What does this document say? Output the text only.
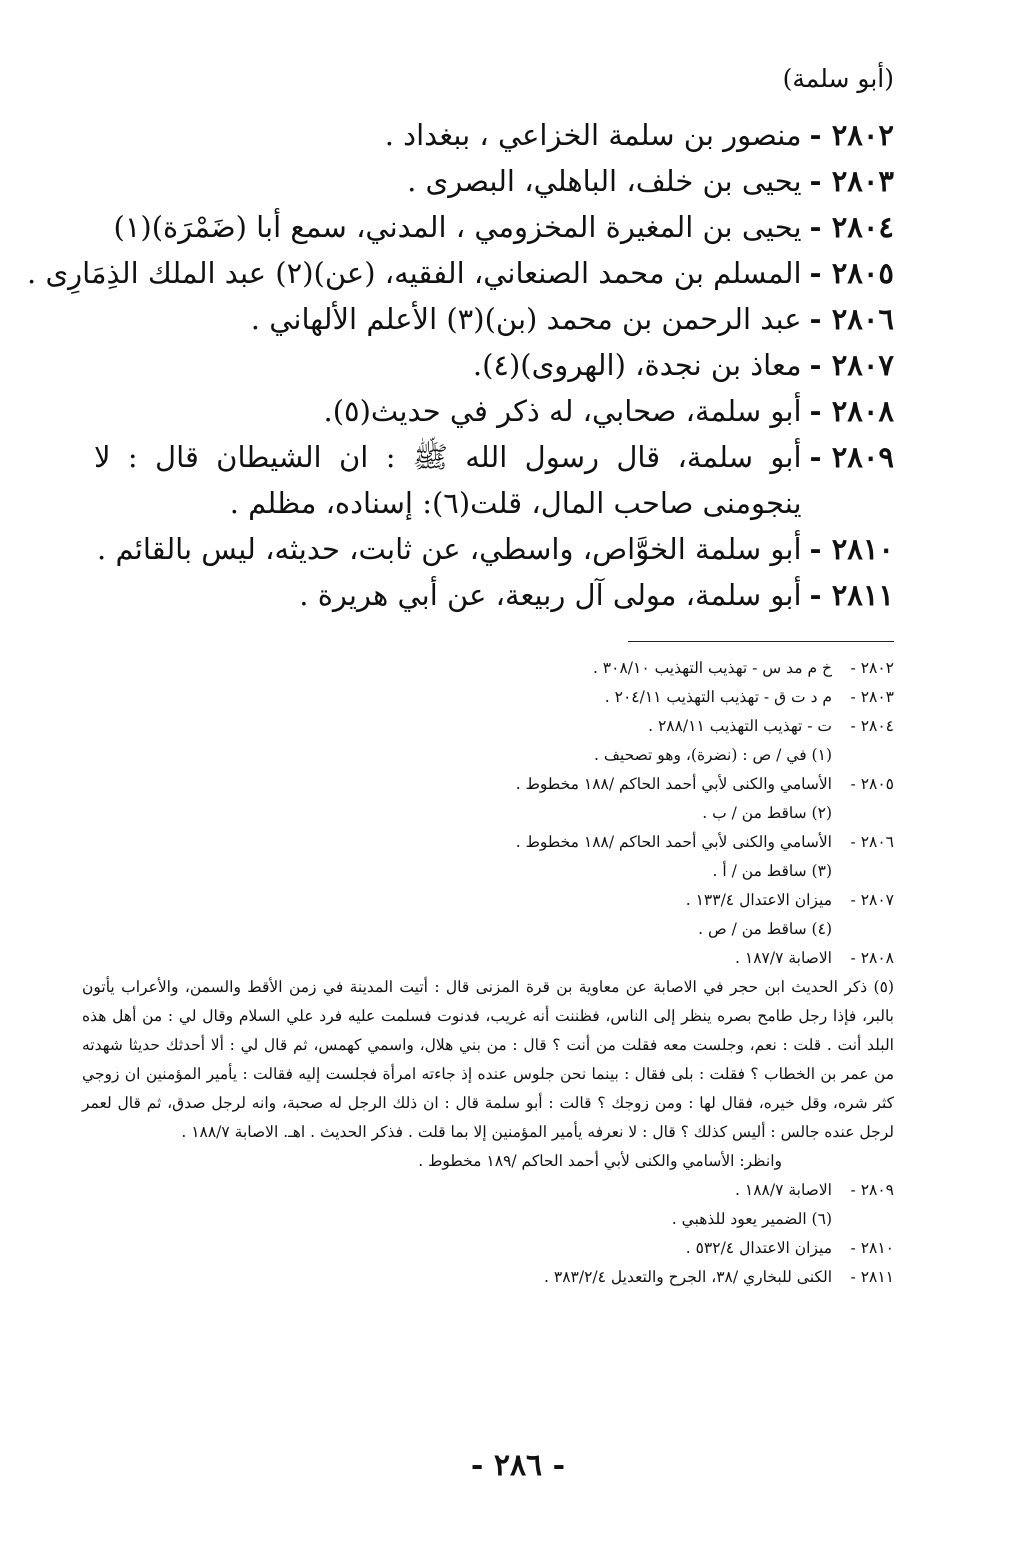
(أبو سلمة)
٢٨٠٢ -
منصور بن سلمة الخزاعي ، ببغداد .
٢٨٠٣ -
يحيى بن خلف، الباهلي، البصرى .
٢٨٠٤ -
يحيى بن المغيرة المخزومي ، المدني، سمع أبا (ضَمْرَة)(١)
٢٨٠٥ -
المسلم بن محمد الصنعاني، الفقيه، (عن)(٢) عبد الملك الذِمَارِى .
٢٨٠٦ -
عبد الرحمن بن محمد (بن)(٣) الأعلم الألهاني .
٢٨٠٧ -
معاذ بن نجدة، (الهروى)(٤).
٢٨٠٨ -
أبو سلمة، صحابي، له ذكر في حديث(٥).
٢٨٠٩ -
أبو سلمة، قال رسول الله ﷺ : ان الشيطان قال : لا ينجومنى صاحب المال، قلت(٦): إسناده، مظلم .
٢٨١٠ -
أبو سلمة الخوَّاص، واسطي، عن ثابت، حديثه، ليس بالقائم .
٢٨١١ -
أبو سلمة، مولى آل ربيعة، عن أبي هريرة .
٢٨٠٢ -
خ م مد س - تهذيب التهذيب ٣٠٨/١٠ .
٢٨٠٣ -
م د ت ق - تهذيب التهذيب ٢٠٤/١١ .
٢٨٠٤ -
ت - تهذيب التهذيب ٢٨٨/١١ .
(١) في / ص : (نضرة)، وهو تصحيف .
٢٨٠٥ -
الأسامي والكنى لأبي أحمد الحاكم /١٨٨ مخطوط .
(٢) ساقط من / ب .
٢٨٠٦ -
الأسامي والكنى لأبي أحمد الحاكم /١٨٨ مخطوط .
(٣) ساقط من / أ .
٢٨٠٧ -
ميزان الاعتدال ١٣٣/٤ .
(٤) ساقط من / ص .
٢٨٠٨ -
الاصابة ١٨٧/٧ .
(٥) ذكر الحديث ابن حجر في الاصابة عن معاوية بن قرة المزنى قال : أتيت المدينة في زمن الأقط والسمن، والأعراب يأتون بالبر، فإذا رجل طامح بصره ينظر إلى الناس، فظننت أنه غريب، فدنوت فسلمت عليه فرد علي السلام وقال لي : من أهل هذه البلد أنت . قلت : نعم، وجلست معه فقلت من أنت ؟ قال : من بني هلال، واسمي كهمس، ثم قال لي : ألا أحدثك حديثا شهدته من عمر بن الخطاب ؟ فقلت : بلى فقال : بينما نحن جلوس عنده إذ جاءته امرأة فجلست إليه فقالت : يأمير المؤمنين ان زوجي كثر شره، وقل خيره، فقال لها : ومن زوجك ؟ قالت : أبو سلمة قال : ان ذلك الرجل له صحبة، وانه لرجل صدق، ثم قال لعمر لرجل عنده جالس : أليس كذلك ؟ قال : لا نعرفه يأمير المؤمنين إلا بما قلت . فذكر الحديث . اهـ. الاصابة ١٨٨/٧ .
وانظر: الأسامي والكنى لأبي أحمد الحاكم /١٨٩ مخطوط .
٢٨٠٩ -
الاصابة ١٨٨/٧ .
(٦) الضمير يعود للذهبي .
٢٨١٠ -
ميزان الاعتدال ٥٣٢/٤ .
٢٨١١ -
الكنى للبخاري /٣٨، الجرح والتعديل ٣٨٣/٢/٤ .
- ٢٨٦ -
